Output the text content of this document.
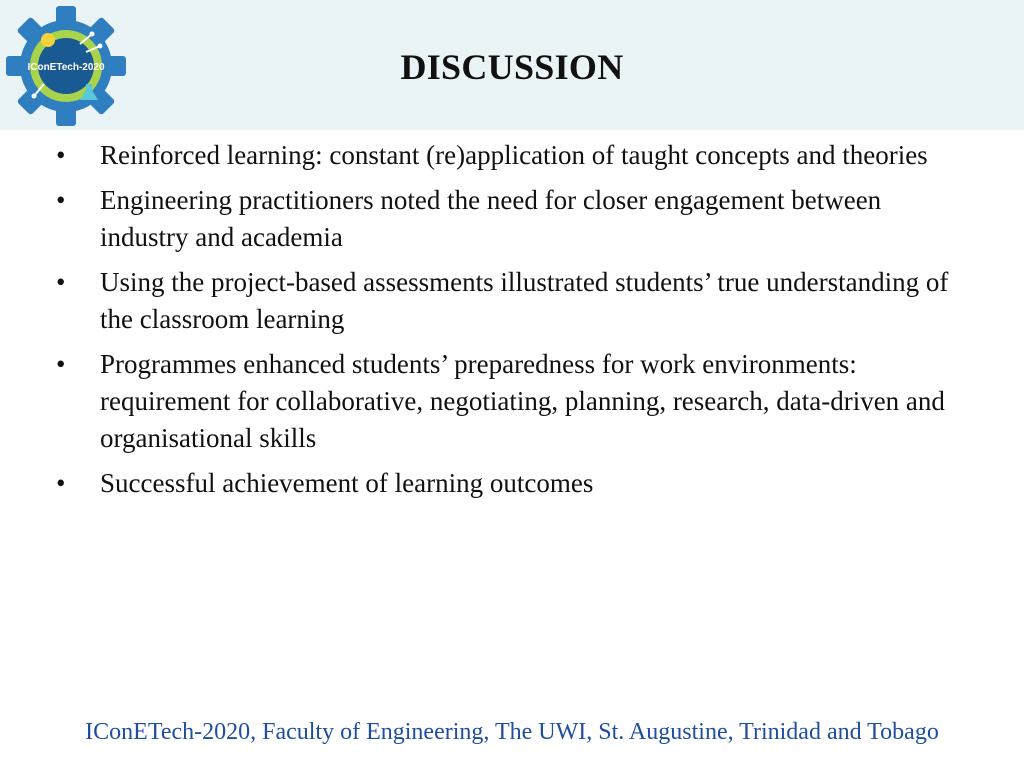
IConETech-2020	DISCUSSION
• Reinforced learning: constant (re)application of taught concepts and theories
• Engineering practitioners noted the need for closer engagement between industry and academia
• Using the project-based assessments illustrated students’ true understanding of the classroom learning
• Programmes enhanced students’ preparedness for work environments: requirement for collaborative, negotiating, planning, research, data-driven and organisational skills
• Successful achievement of learning outcomes
IConETech-2020, Faculty of Engineering, The UWI, St. Augustine, Trinidad and Tobago
